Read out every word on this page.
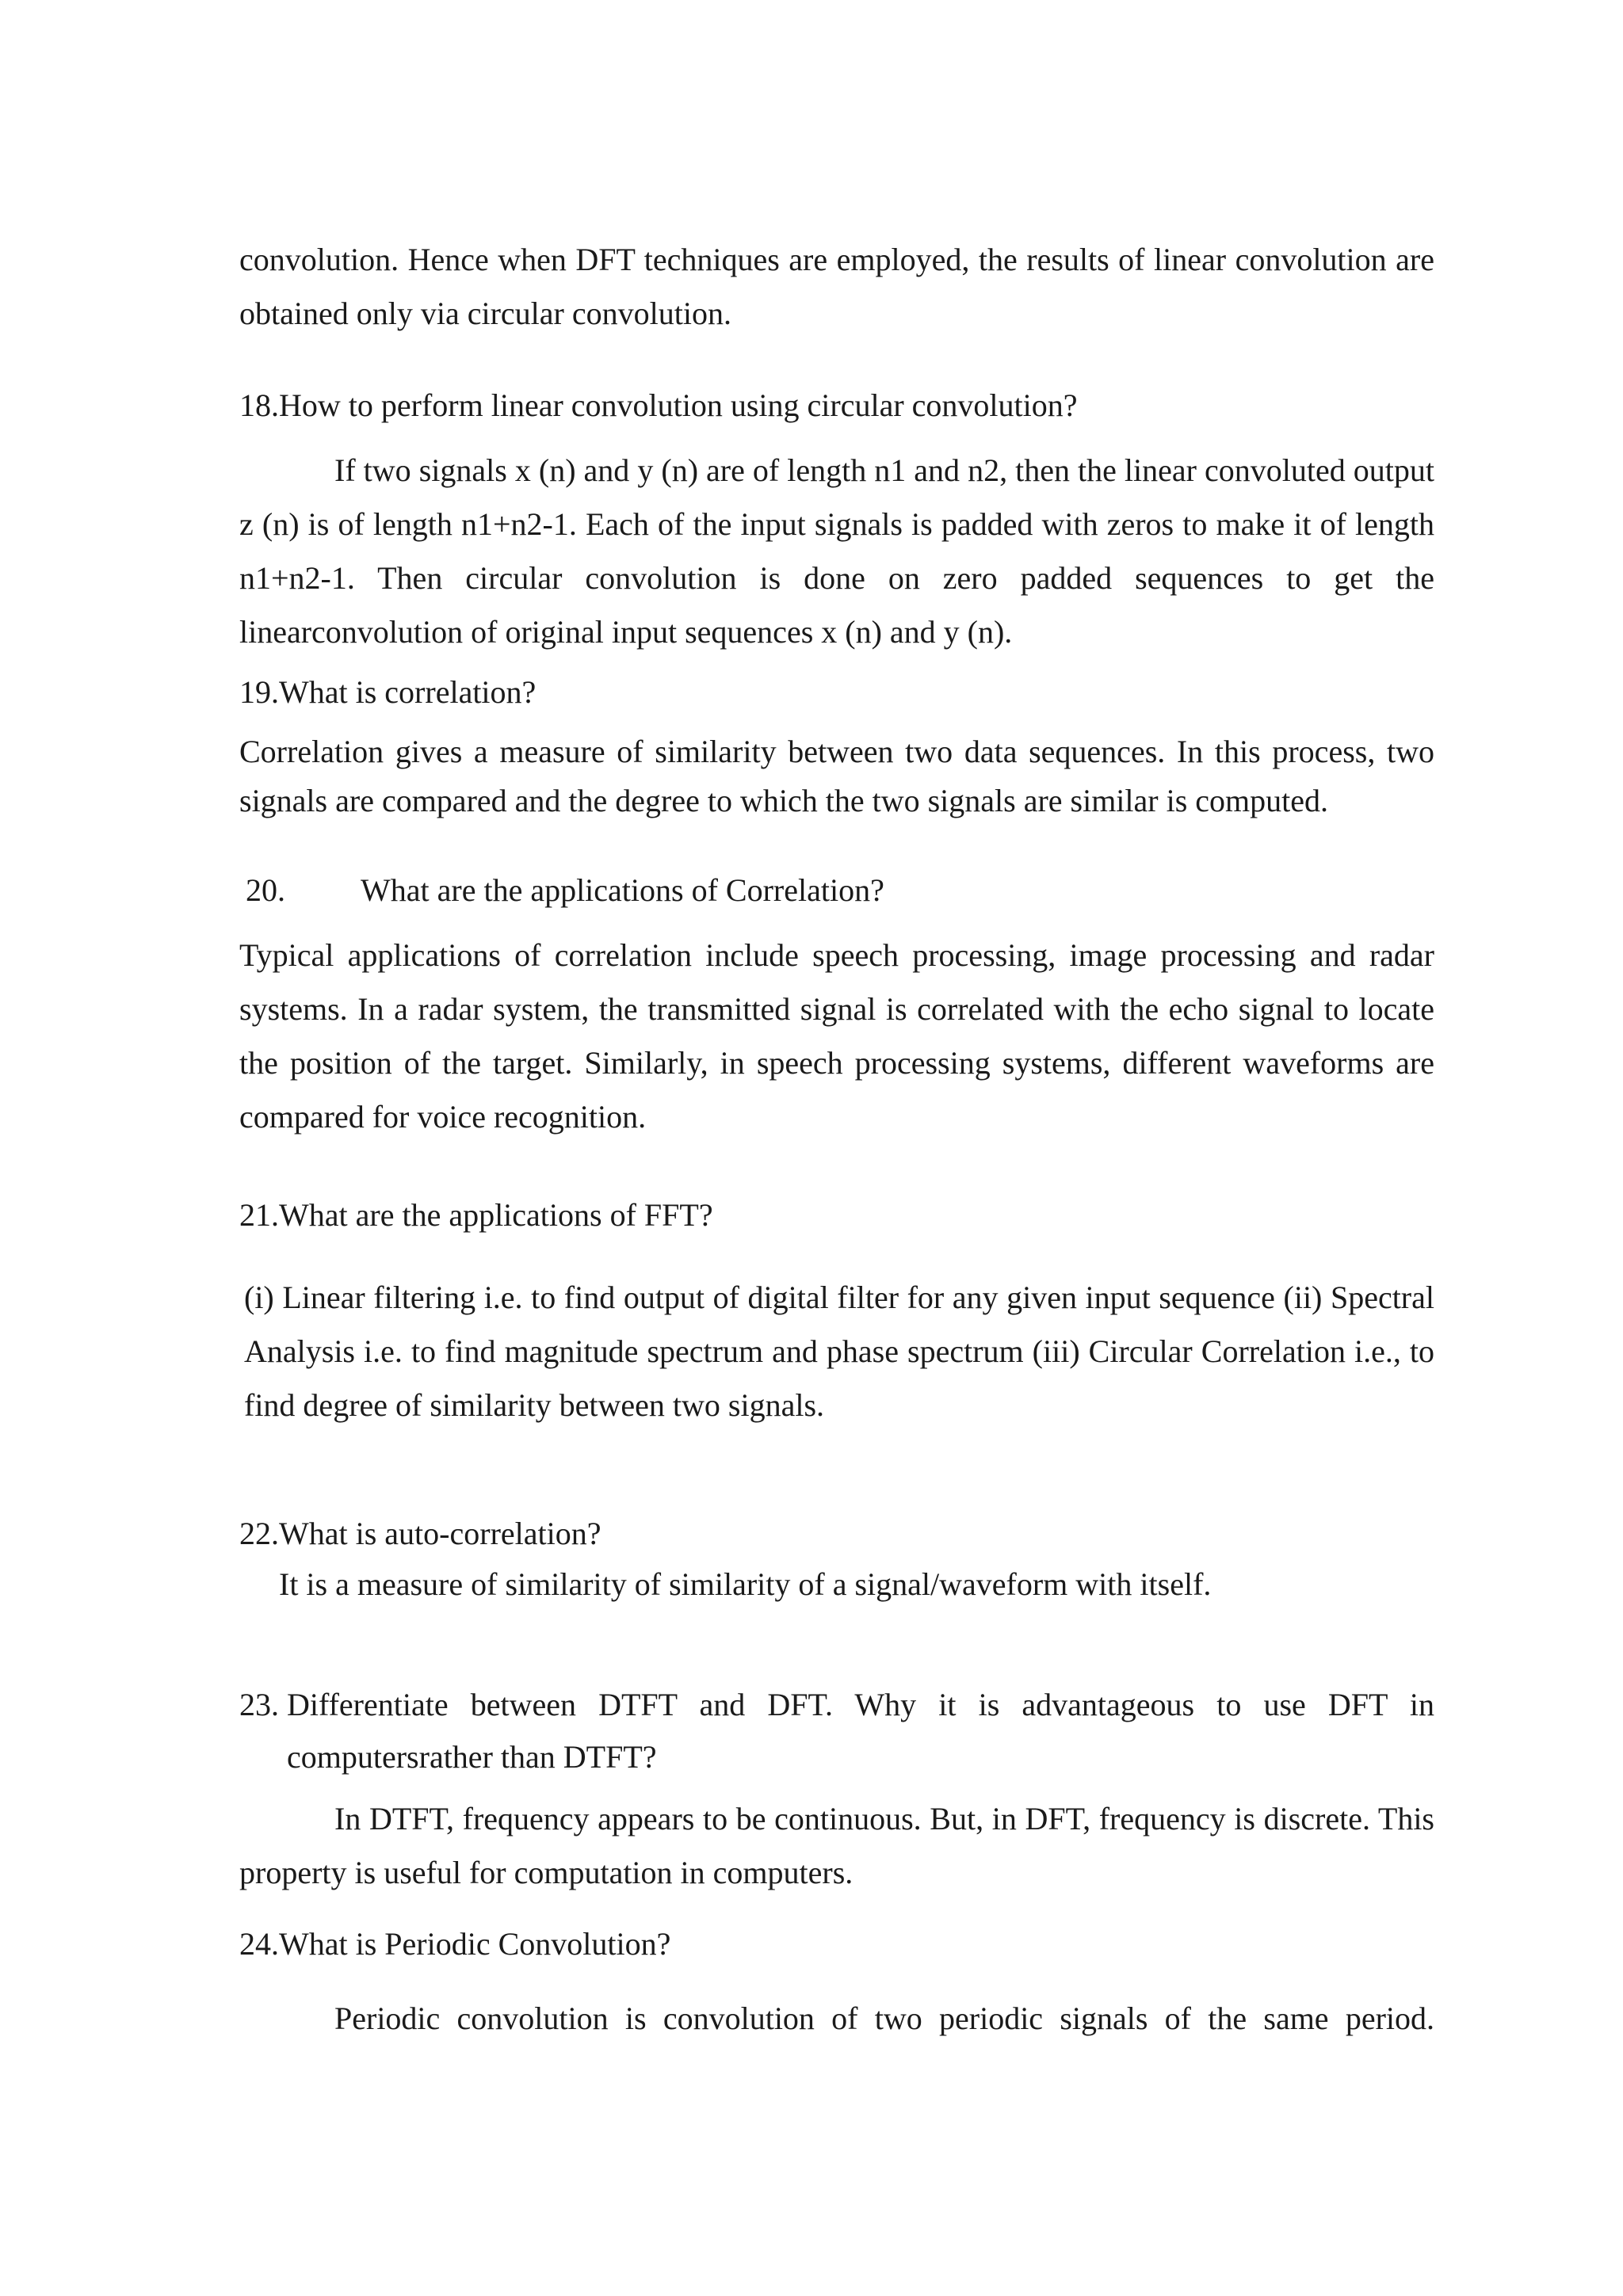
convolution. Hence when DFT techniques are employed, the results of linear convolution are obtained only via circular convolution.

18. How to perform linear convolution using circular convolution?

If two signals x (n) and y (n) are of length n1 and n2, then the linear convoluted output z (n) is of length n1+n2-1. Each of the input signals is padded with zeros to make it of length n1+n2-1. Then circular convolution is done on zero padded sequences to get the linearconvolution of original input sequences x (n) and y (n).

19. What is correlation?

Correlation gives a measure of similarity between two data sequences. In this process, two signals are compared and the degree to which the two signals are similar is computed.

20. What are the applications of Correlation?

Typical applications of correlation include speech processing, image processing and radar systems. In a radar system, the transmitted signal is correlated with the echo signal to locate the position of the target. Similarly, in speech processing systems, different waveforms are compared for voice recognition.

21. What are the applications of FFT?

(i) Linear filtering i.e. to find output of digital filter for any given input sequence (ii) Spectral Analysis i.e. to find magnitude spectrum and phase spectrum (iii) Circular Correlation i.e., to find degree of similarity between two signals.

22. What is auto-correlation?

It is a measure of similarity of similarity of a signal/waveform with itself.

23. Differentiate between DTFT and DFT. Why it is advantageous to use DFT in

computersrather than DTFT?

In DTFT, frequency appears to be continuous. But, in DFT, frequency is discrete. This property is useful for computation in computers.

24. What is Periodic Convolution?

Periodic convolution is convolution of two periodic signals of the same period.
